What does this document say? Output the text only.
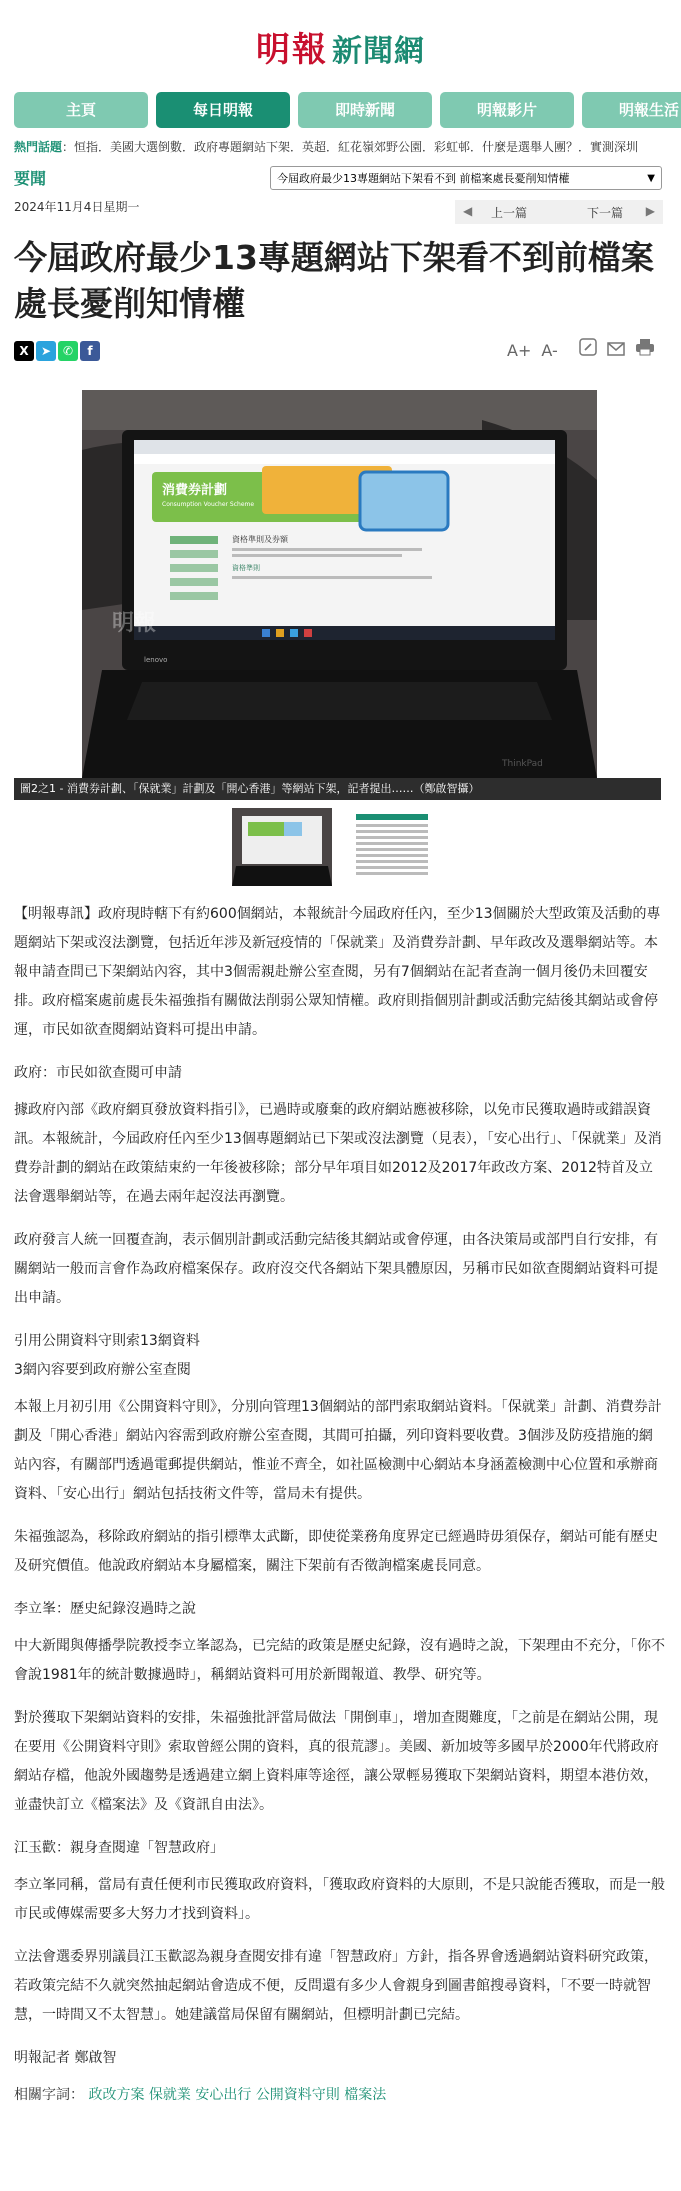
明報 新聞網
主頁	每日明報	即時新聞	明報影片	明報生活
熱門話題：恒指．美國大選倒數．政府專題網站下架．英超．紅花嶺郊野公園．彩虹邨．什麼是選舉人團？．實測深圳
要聞	今屆政府最少13專題網站下架看不到 前檔案處長憂削知情權	▼
2024年11月4日星期一	◀ 上一篇	下一篇 ▶
今屆政府最少13專題網站下架看不到前檔案處長憂削知情權
X ➤ ✆ f	A+ A-
消費券計劃
Consumption Voucher Scheme
資格準則及券額
資格準則
lenovo
ThinkPad
明報
圖2之1 - 消費券計劃、「保就業」計劃及「開心香港」等網站下架，記者提出……（鄭啟智攝）

【明報專訊】政府現時轄下有約600個網站，本報統計今屆政府任內，至少13個關於大型政策及活動的專題網站下架或沒法瀏覽，包括近年涉及新冠疫情的「保就業」及消費券計劃、早年政改及選舉網站等。本報申請查問已下架網站內容，其中3個需親赴辦公室查閱，另有7個網站在記者查詢一個月後仍未回覆安排。政府檔案處前處長朱福強指有關做法削弱公眾知情權。政府則指個別計劃或活動完結後其網站或會停運，市民如欲查閱網站資料可提出申請。

政府：市民如欲查閱可申請

據政府內部《政府網頁發放資料指引》，已過時或廢棄的政府網站應被移除，以免市民獲取過時或錯誤資訊。本報統計，今屆政府任內至少13個專題網站已下架或沒法瀏覽（見表），「安心出行」、「保就業」及消費券計劃的網站在政策結束約一年後被移除；部分早年項目如2012及2017年政改方案、2012特首及立法會選舉網站等，在過去兩年起沒法再瀏覽。

政府發言人統一回覆查詢，表示個別計劃或活動完結後其網站或會停運，由各決策局或部門自行安排，有關網站一般而言會作為政府檔案保存。政府沒交代各網站下架具體原因，另稱市民如欲查閱網站資料可提出申請。

引用公開資料守則索13網資料

3網內容要到政府辦公室查閱

本報上月初引用《公開資料守則》，分別向管理13個網站的部門索取網站資料。「保就業」計劃、消費券計劃及「開心香港」網站內容需到政府辦公室查閱，其間可拍攝，列印資料要收費。3個涉及防疫措施的網站內容，有關部門透過電郵提供網站，惟並不齊全，如社區檢測中心網站本身涵蓋檢測中心位置和承辦商資料、「安心出行」網站包括技術文件等，當局未有提供。

朱福強認為，移除政府網站的指引標準太武斷，即使從業務角度界定已經過時毋須保存，網站可能有歷史及研究價值。他說政府網站本身屬檔案，關注下架前有否徵詢檔案處長同意。

李立峯：歷史紀錄沒過時之說

中大新聞與傳播學院教授李立峯認為，已完結的政策是歷史紀錄，沒有過時之說，下架理由不充分，「你不會說1981年的統計數據過時」，稱網站資料可用於新聞報道、教學、研究等。

對於獲取下架網站資料的安排，朱福強批評當局做法「開倒車」，增加查閱難度，「之前是在網站公開，現在要用《公開資料守則》索取曾經公開的資料，真的很荒謬」。美國、新加坡等多國早於2000年代將政府網站存檔，他說外國趨勢是透過建立網上資料庫等途徑，讓公眾輕易獲取下架網站資料，期望本港仿效，並盡快訂立《檔案法》及《資訊自由法》。

江玉歡：親身查閱違「智慧政府」

李立峯同稱，當局有責任便利市民獲取政府資料，「獲取政府資料的大原則，不是只說能否獲取，而是一般市民或傳媒需要多大努力才找到資料」。

立法會選委界別議員江玉歡認為親身查閱安排有違「智慧政府」方針，指各界會透過網站資料研究政策，若政策完結不久就突然抽起網站會造成不便，反問還有多少人會親身到圖書館搜尋資料，「不要一時就智慧，一時間又不太智慧」。她建議當局保留有關網站，但標明計劃已完結。

明報記者 鄭啟智
相關字詞： 政改方案 保就業 安心出行 公開資料守則 檔案法
